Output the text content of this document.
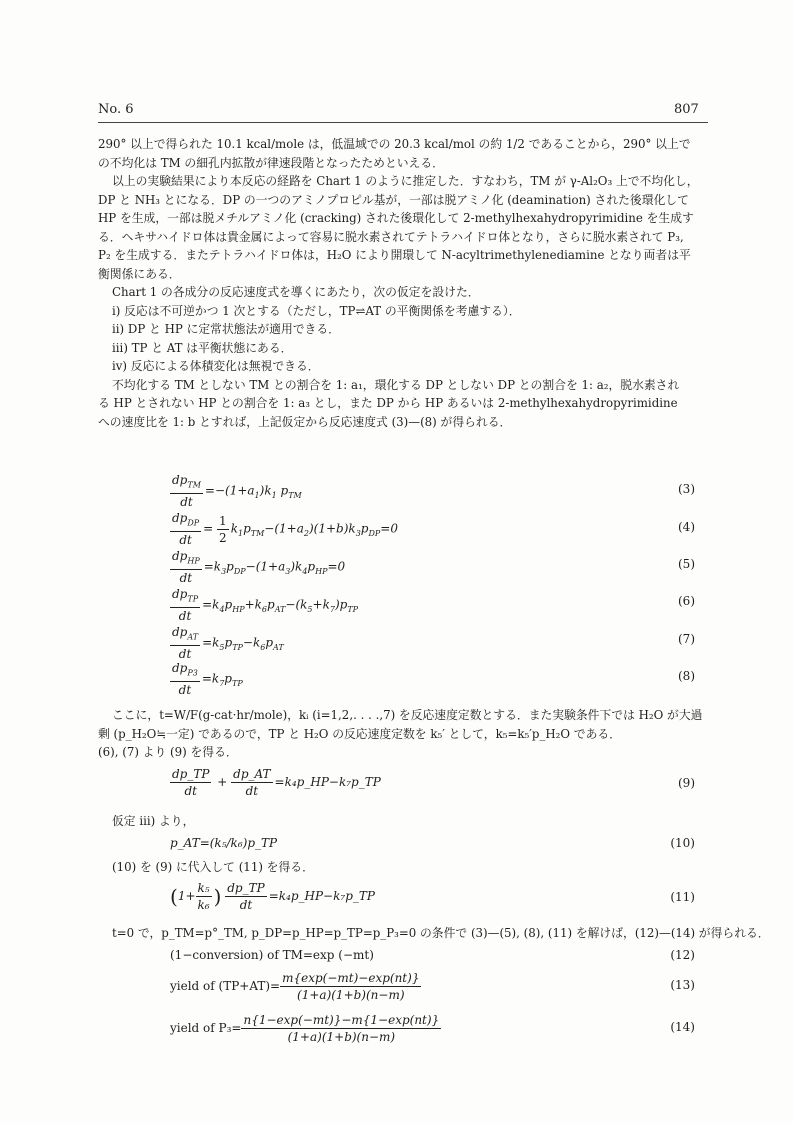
No. 6	807
290° 以上で得られた 10.1 kcal/mole は，低温域での 20.3 kcal/mol の約 1/2 であることから，290° 以上で
の不均化は TM の細孔内拡散が律速段階となったためといえる．
以上の実験結果により本反応の経路を Chart 1 のように推定した．すなわち，TM が γ-Al₂O₃ 上で不均化し，
DP と NH₃ とになる．DP の一つのアミノプロピル基が，一部は脱アミノ化 (deamination) された後環化して
HP を生成，一部は脱メチルアミノ化 (cracking) された後環化して 2-methylhexahydropyrimidine を生成す
る．ヘキサハイドロ体は貴金属によって容易に脱水素されてテトラハイドロ体となり，さらに脱水素されて P₃,
P₂ を生成する．またテトラハイドロ体は，H₂O により開環して N-acyltrimethylenediamine となり両者は平
衡関係にある．
Chart 1 の各成分の反応速度式を導くにあたり，次の仮定を設けた．
i) 反応は不可逆かつ 1 次とする（ただし，TP⇌AT の平衡関係を考慮する）．
ii) DP と HP に定常状態法が適用できる．
iii) TP と AT は平衡状態にある．
iv) 反応による体積変化は無視できる．
不均化する TM としない TM との割合を 1: a₁，環化する DP としない DP との割合を 1: a₂，脱水素され
る HP とされない HP との割合を 1: a₃ とし，また DP から HP あるいは 2-methylhexahydropyrimidine
への速度比を 1: b とすれば，上記仮定から反応速度式 (3)—(8) が得られる．
$\frac{dp_{TM}}{dt} =-(1+a_1)k_1$ $p_{TM}$	(3)
$\frac{dp_{DP}}{dt} = \frac{1}{2} k_1p_{TM}-(1+a_2)(1+b)k_3p_{DP}=0$	(4)
$\frac{dp_{HP}}{dt} =k_3p_{DP}-(1+a_3)k_4p_{HP}=0$	(5)
$\frac{dp_{TP}}{dt} =k_4p_{HP}+k_6p_{AT}-(k_5+k_7)p_{TP}$
(6)
$\frac{dp_{AT}}{dt} =k_5p_{TP}-k_6p_{AT}$
(7)
$\frac{dp_{P3}}{dt} =k_7p_{TP}$
(8)
ここに，t=W/F(g-cat·hr/mole)，kᵢ (i=1,2,. . . .,7) を反応速度定数とする．また実験条件下では H₂O が大過
剰 (p_H₂O≒一定) であるので，TP と H₂O の反応速度定数を k₅′ として，k₅=k₅′p_H₂O である．
(6), (7) より (9) を得る．
$\frac{dp\_TP}{dt} + \frac{dp\_AT}{dt}$ =k₄p_HP−k₇p_TP	(9)
仮定 iii) より，
p_AT=(k₅/k₆)p_TP	(10)
(10) を (9) に代入して (11) を得る．
($1+ \frac{\text{k₅}}{\text{k₆}}$ ) $\frac{dp\_TP}{dt}$ =k₄p_HP−k₇p_TP	(11)
t=0 で，p_TM=p°_TM, p_DP=p_HP=p_TP=p_P₃=0 の条件で (3)—(5), (8), (11) を解けば，(12)—(14) が得られる．
(1−conversion) of TM=exp (−mt)	(12)
yield of $(TP+AT)= \frac{m\{\exp(-mt)-\exp(nt)\}}{(1+a)(1+b)(n-m)}$	(13)
yield of $P_3= \frac{n\{1-\exp(-mt)\}-m\{1-\exp(nt)\}}{(1+a)(1+b)(n-m)}$	(14)
